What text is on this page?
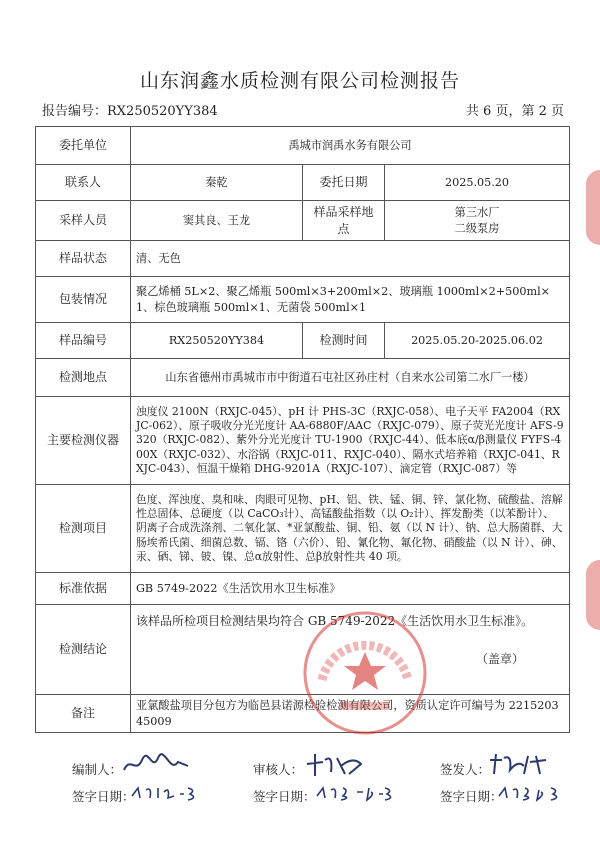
山东润鑫水质检测有限公司检测报告
报告编号：RX250520YY384	共 6 页，第 2 页
委托单位	禹城市润禹水务有限公司		
联系人	秦乾	委托日期	2025.05.20
采样人员	窦其良、王龙	样品采样地点	第三水厂
二级泵房
样品状态	清、无色		
包装情况	聚乙烯桶 5L×2、聚乙烯瓶 500ml×3+200ml×2、玻璃瓶 1000ml×2+500ml×1、棕色玻璃瓶 500ml×1、无菌袋 500ml×1		
样品编号	RX250520YY384	检测时间	2025.05.20-2025.06.02
检测地点	山东省德州市禹城市市中街道石屯社区孙庄村（自来水公司第二水厂一楼）		
主要检测仪器	浊度仪 2100N（RXJC-045）、pH 计 PHS-3C（RXJC-058）、电子天平 FA2004（RXJC-062）、原子吸收分光光度计 AA-6880F/AAC（RXJC-079）、原子荧光光度计 AFS-9320（RXJC-082）、紫外分光光度计 TU-1900（RXJC-44）、低本底α/β测量仪 FYFS-400X（RXJC-032）、水浴锅（RXJC-011、RXJC-040）、隔水式培养箱（RXJC-041、RXJC-043）、恒温干燥箱 DHG-9201A（RXJC-107）、滴定管（RXJC-087）等		
检测项目	色度、浑浊度、臭和味、肉眼可见物、pH、铝、铁、锰、铜、锌、氯化物、硫酸盐、溶解性总固体、总硬度（以 CaCO₃计）、高锰酸盐指数（以 O₂计）、挥发酚类（以苯酚计）、阴离子合成洗涤剂、二氧化氯、*亚氯酸盐、铜、铅、氨（以 N 计）、钠、总大肠菌群、大肠埃希氏菌、细菌总数、镉、铬（六价）、铅、氰化物、氟化物、硝酸盐（以 N 计）、砷、汞、硒、锑、铍、镍、总α放射性、总β放射性共 40 项。		
标准依据	GB 5749-2022《生活饮用水卫生标准》		
检测结论	该样品所检项目检测结果均符合 GB 5749-2022《生活饮用水卫生标准》。
（盖章）		

备注	亚氯酸盐项目分包方为临邑县诺源检验检测有限公司，资质认定许可编号为 221520345009		
编制人：	审核人：	签发人：
签字日期：	签字日期：	签字日期：
